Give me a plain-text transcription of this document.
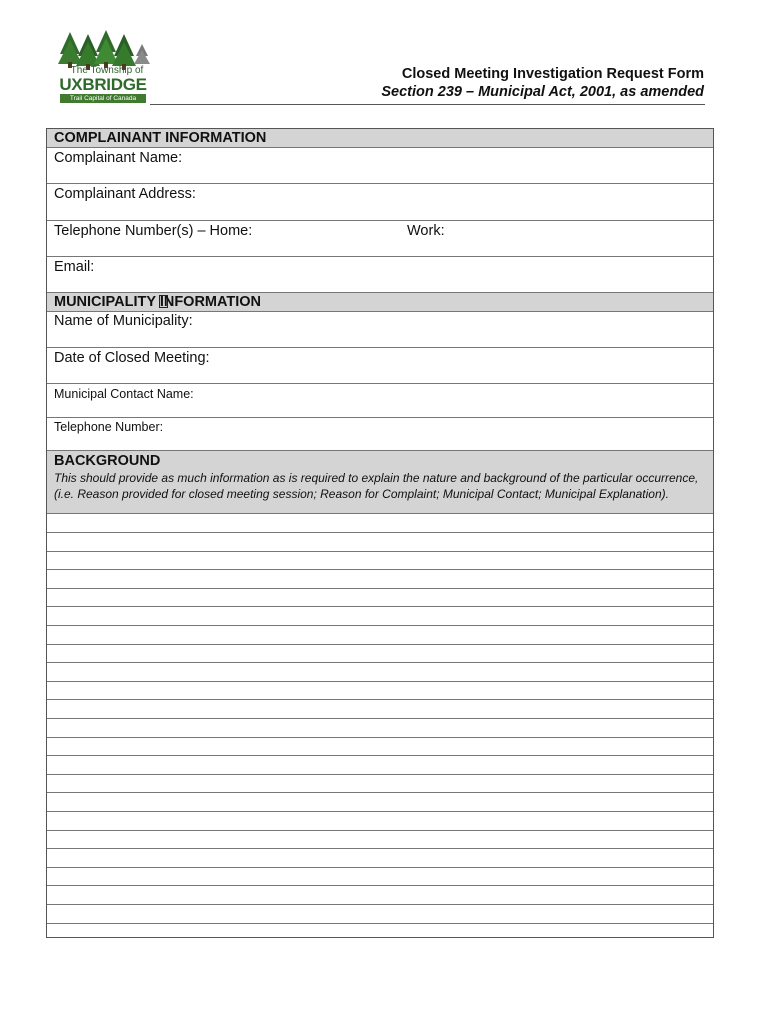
The Township of
UXBRIDGE
Trail Capital of Canada
Closed Meeting Investigation Request Form
Section 239 – Municipal Act, 2001, as amended
COMPLAINANT INFORMATION
Complainant Name:
Complainant Address:
Telephone Number(s) – Home:	Work:
Email:
MUNICIPALITY INFORMATION
Name of Municipality:
Date of Closed Meeting:
Municipal Contact Name:
Telephone Number:
BACKGROUND
This should provide as much information as is required to explain the nature and background of the particular occurrence, (i.e. Reason provided for closed meeting session; Reason for Complaint; Municipal Contact; Municipal Explanation).
